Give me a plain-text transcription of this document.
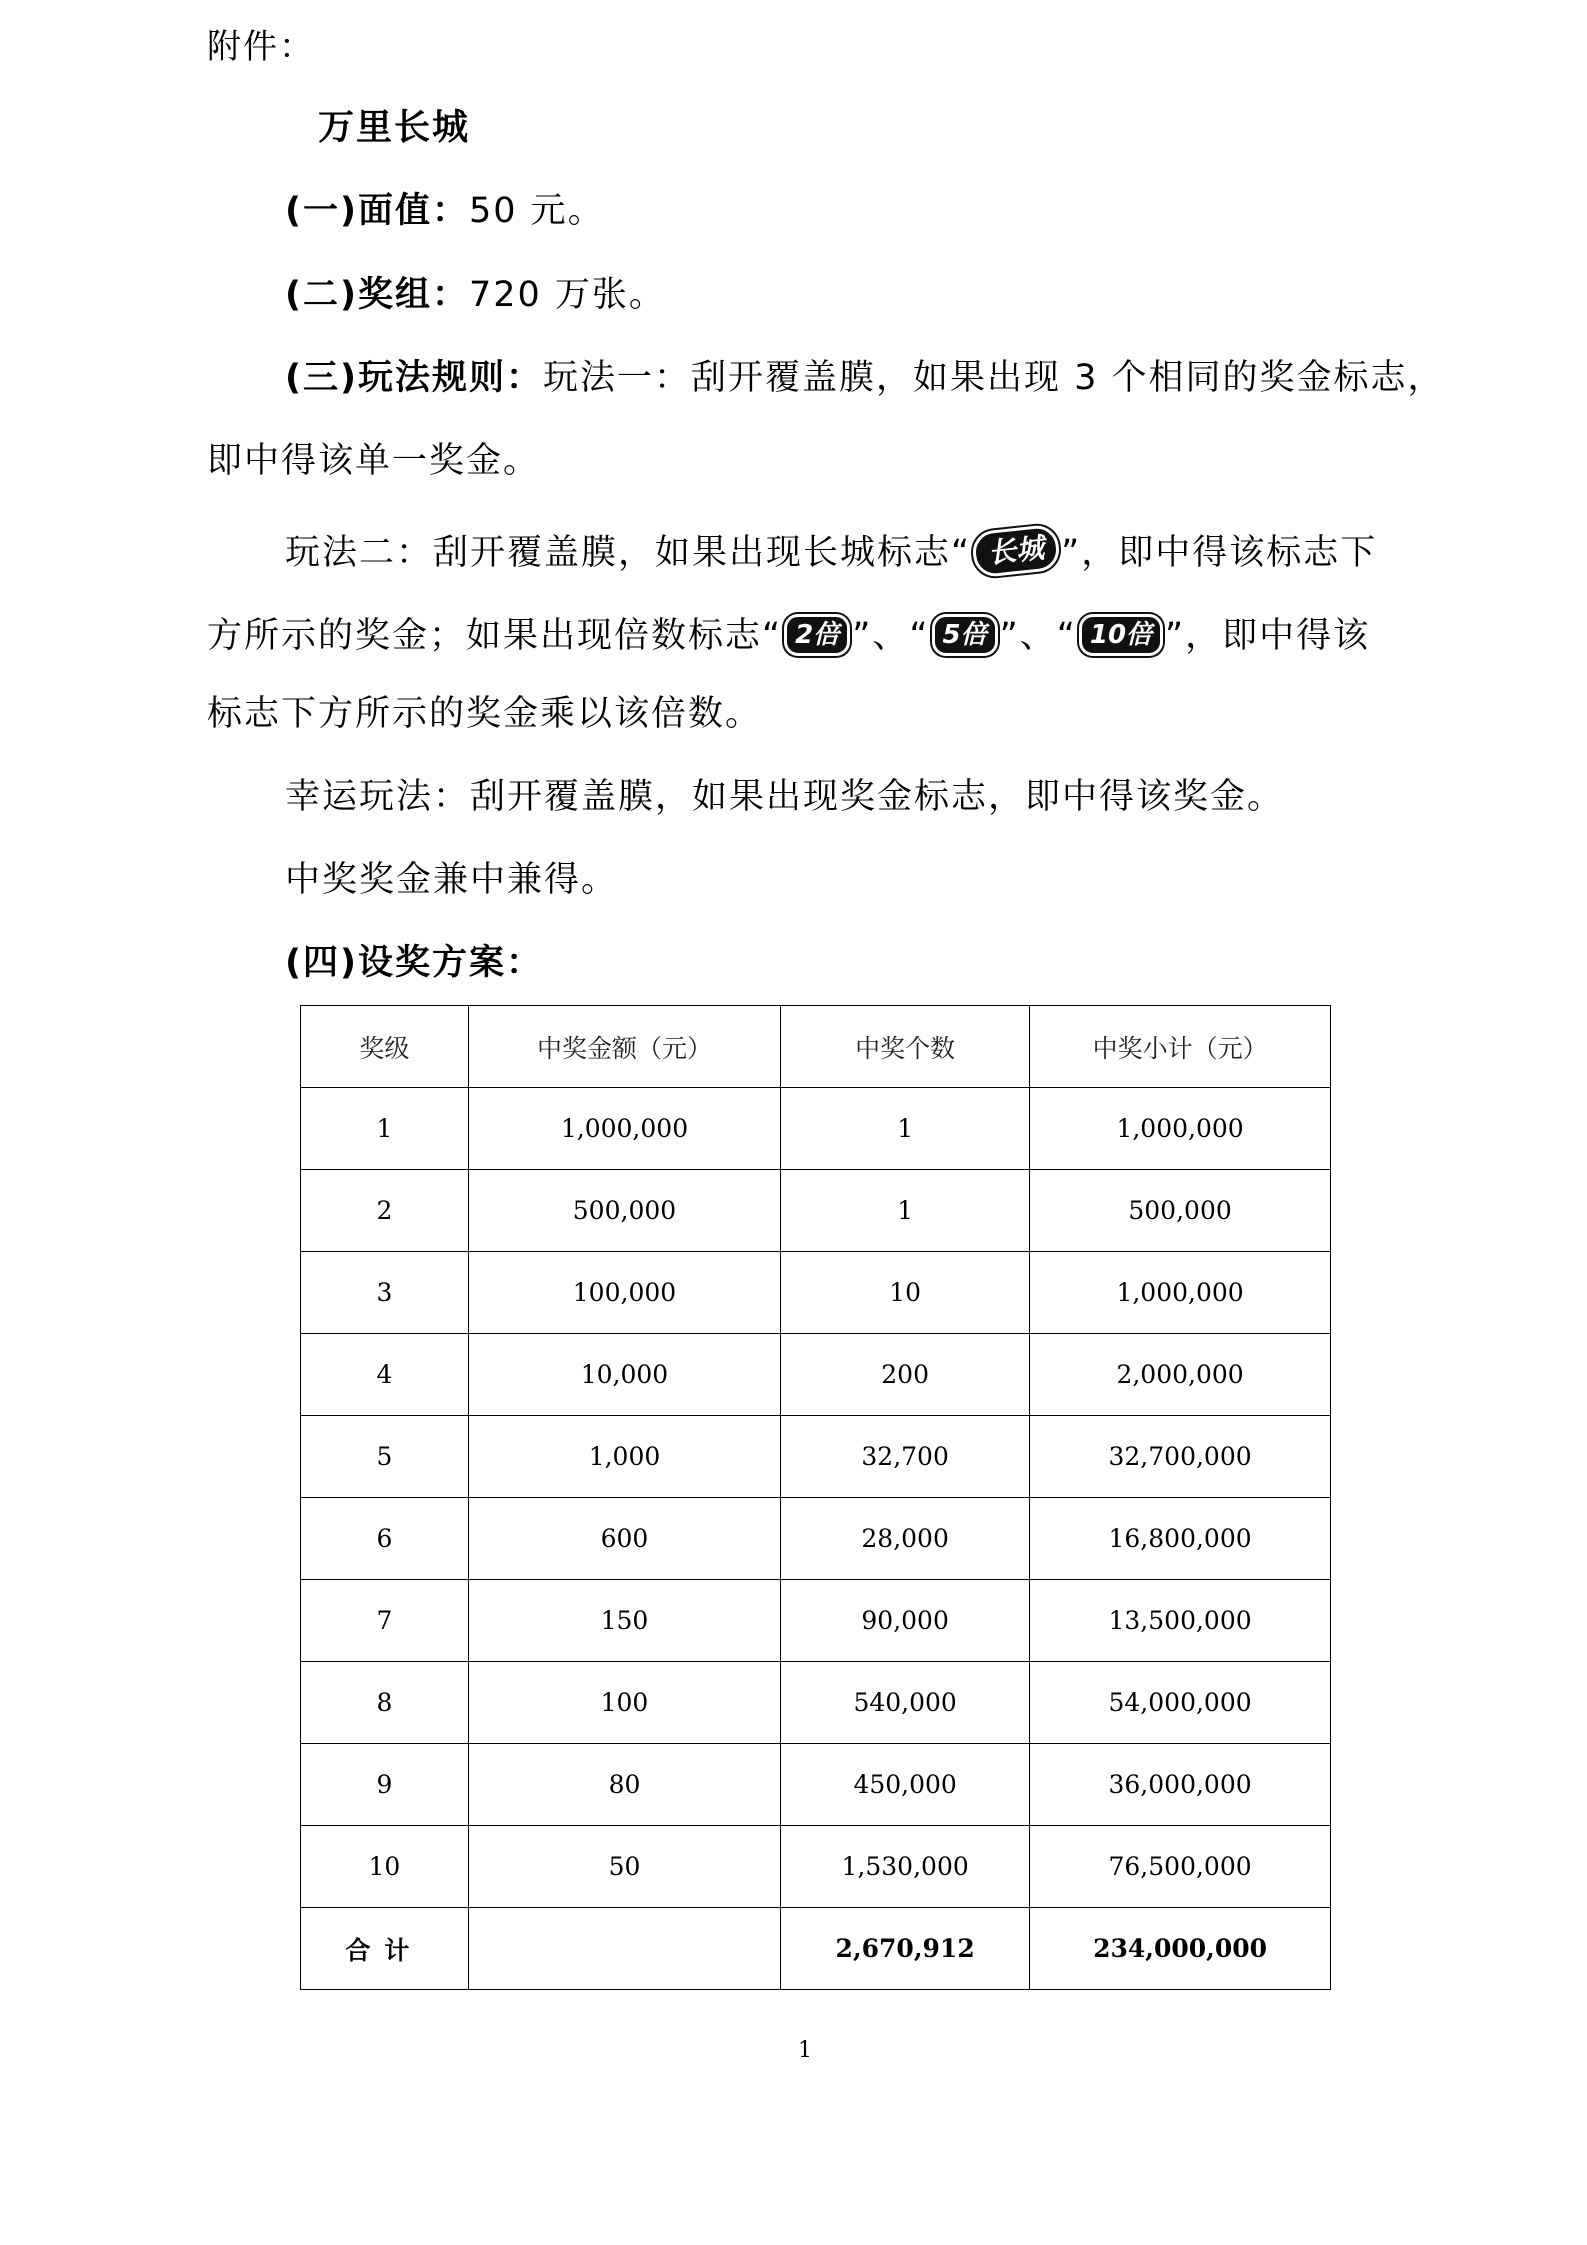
附件：
万里长城
(一)面值：50 元。
(二)奖组：720 万张。
(三)玩法规则：玩法一：刮开覆盖膜，如果出现 3 个相同的奖金标志，
即中得该单一奖金。
玩法二：刮开覆盖膜，如果出现长城标志“ 长城 ”，即中得该标志下
方所示的奖金；如果出现倍数标志“ 2倍 ”、“ 5倍 ”、“ 10倍 ”，即中得该
标志下方所示的奖金乘以该倍数。
幸运玩法：刮开覆盖膜，如果出现奖金标志，即中得该奖金。
中奖奖金兼中兼得。
(四)设奖方案：
奖级	中奖金额（元）	中奖个数	中奖小计（元）
1	1,000,000	1	1,000,000
2	500,000	1	500,000
3	100,000	10	1,000,000
4	10,000	200	2,000,000
5	1,000	32,700	32,700,000
6	600	28,000	16,800,000
7	150	90,000	13,500,000
8	100	540,000	54,000,000
9	80	450,000	36,000,000
10	50	1,530,000	76,500,000
合计		2,670,912	234,000,000
1
